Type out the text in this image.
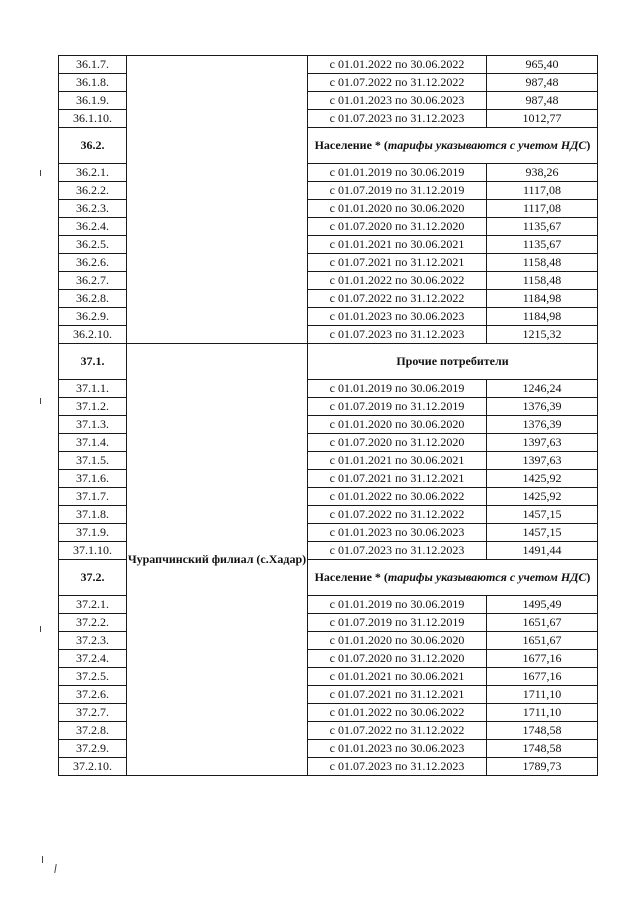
36.1.7.		с 01.01.2022 по 30.06.2022	965,40
36.1.8.		с 01.07.2022 по 31.12.2022	987,48
36.1.9.		с 01.01.2023 по 30.06.2023	987,48
36.1.10.		с 01.07.2023 по 31.12.2023	1012,77
36.2.		Население * (тарифы указываются с учетом НДС)	
36.2.1.		с 01.01.2019 по 30.06.2019	938,26
36.2.2.		с 01.07.2019 по 31.12.2019	1117,08
36.2.3.		с 01.01.2020 по 30.06.2020	1117,08
36.2.4.		с 01.07.2020 по 31.12.2020	1135,67
36.2.5.		с 01.01.2021 по 30.06.2021	1135,67
36.2.6.		с 01.07.2021 по 31.12.2021	1158,48
36.2.7.		с 01.01.2022 по 30.06.2022	1158,48
36.2.8.		с 01.07.2022 по 31.12.2022	1184,98
36.2.9.		с 01.01.2023 по 30.06.2023	1184,98
36.2.10.		с 01.07.2023 по 31.12.2023	1215,32
37.1.	Чурапчинский филиал (с.Хадар)	Прочие потребители	
37.1.1.		с 01.01.2019 по 30.06.2019	1246,24
37.1.2.		с 01.07.2019 по 31.12.2019	1376,39
37.1.3.		с 01.01.2020 по 30.06.2020	1376,39
37.1.4.		с 01.07.2020 по 31.12.2020	1397,63
37.1.5.		с 01.01.2021 по 30.06.2021	1397,63
37.1.6.		с 01.07.2021 по 31.12.2021	1425,92
37.1.7.		с 01.01.2022 по 30.06.2022	1425,92
37.1.8.		с 01.07.2022 по 31.12.2022	1457,15
37.1.9.		с 01.01.2023 по 30.06.2023	1457,15
37.1.10.		с 01.07.2023 по 31.12.2023	1491,44
37.2.		Население * (тарифы указываются с учетом НДС)	
37.2.1.		с 01.01.2019 по 30.06.2019	1495,49
37.2.2.		с 01.07.2019 по 31.12.2019	1651,67
37.2.3.		с 01.01.2020 по 30.06.2020	1651,67
37.2.4.		с 01.07.2020 по 31.12.2020	1677,16
37.2.5.		с 01.01.2021 по 30.06.2021	1677,16
37.2.6.		с 01.07.2021 по 31.12.2021	1711,10
37.2.7.		с 01.01.2022 по 30.06.2022	1711,10
37.2.8.		с 01.07.2022 по 31.12.2022	1748,58
37.2.9.		с 01.01.2023 по 30.06.2023	1748,58
37.2.10.		с 01.07.2023 по 31.12.2023	1789,73
